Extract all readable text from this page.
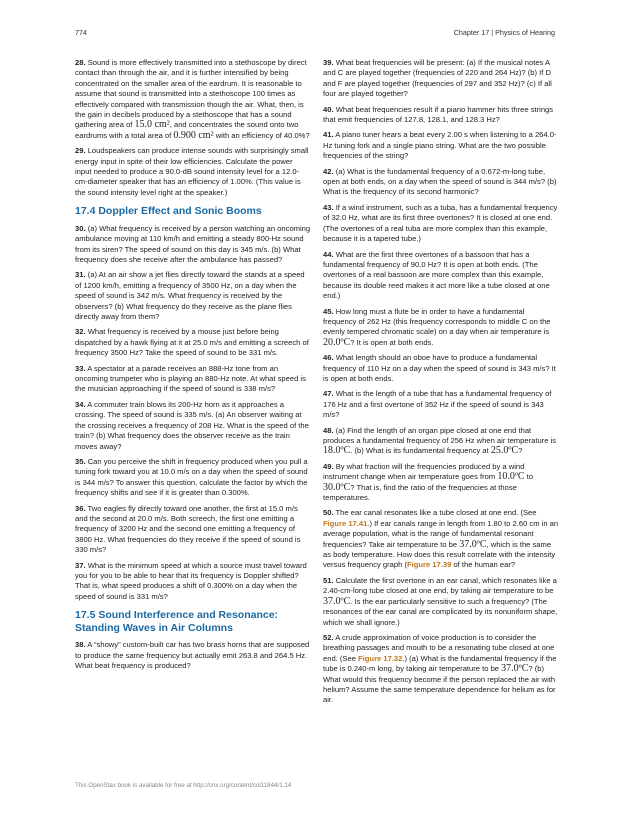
774	Chapter 17 | Physics of Hearing
28. Sound is more effectively transmitted into a stethoscope by direct contact than through the air, and it is further intensified by being concentrated on the smaller area of the eardrum. It is reasonable to assume that sound is transmitted into a stethoscope 100 times as effectively compared with transmission though the air. What, then, is the gain in decibels produced by a stethoscope that has a sound gathering area of 15.0 cm², and concentrates the sound onto two eardrums with a total area of 0.900 cm² with an efficiency of 40.0%?
29. Loudspeakers can produce intense sounds with surprisingly small energy input in spite of their low efficiencies. Calculate the power input needed to produce a 90.0-dB sound intensity level for a 12.0-cm-diameter speaker that has an efficiency of 1.00%. (This value is the sound intensity level right at the speaker.)
17.4 Doppler Effect and Sonic Booms
30. (a) What frequency is received by a person watching an oncoming ambulance moving at 110 km/h and emitting a steady 800-Hz sound from its siren? The speed of sound on this day is 345 m/s. (b) What frequency does she receive after the ambulance has passed?
31. (a) At an air show a jet flies directly toward the stands at a speed of 1200 km/h, emitting a frequency of 3500 Hz, on a day when the speed of sound is 342 m/s. What frequency is received by the observers? (b) What frequency do they receive as the plane flies directly away from them?
32. What frequency is received by a mouse just before being dispatched by a hawk flying at it at 25.0 m/s and emitting a screech of frequency 3500 Hz? Take the speed of sound to be 331 m/s.
33. A spectator at a parade receives an 888-Hz tone from an oncoming trumpeter who is playing an 880-Hz note. At what speed is the musician approaching if the speed of sound is 338 m/s?
34. A commuter train blows its 200-Hz horn as it approaches a crossing. The speed of sound is 335 m/s. (a) An observer waiting at the crossing receives a frequency of 208 Hz. What is the speed of the train? (b) What frequency does the observer receive as the train moves away?
35. Can you perceive the shift in frequency produced when you pull a tuning fork toward you at 10.0 m/s on a day when the speed of sound is 344 m/s? To answer this question, calculate the factor by which the frequency shifts and see if it is greater than 0.300%.
36. Two eagles fly directly toward one another, the first at 15.0 m/s and the second at 20.0 m/s. Both screech, the first one emitting a frequency of 3200 Hz and the second one emitting a frequency of 3800 Hz. What frequencies do they receive if the speed of sound is 330 m/s?
37. What is the minimum speed at which a source must travel toward you for you to be able to hear that its frequency is Doppler shifted? That is, what speed produces a shift of 0.300% on a day when the speed of sound is 331 m/s?
17.5 Sound Interference and Resonance: Standing Waves in Air Columns
38. A “showy” custom-built car has two brass horns that are supposed to produce the same frequency but actually emit 263.8 and 264.5 Hz. What beat frequency is produced?
39. What beat frequencies will be present: (a) If the musical notes A and C are played together (frequencies of 220 and 264 Hz)? (b) If D and F are played together (frequencies of 297 and 352 Hz)? (c) If all four are played together?
40. What beat frequencies result if a piano hammer hits three strings that emit frequencies of 127.8, 128.1, and 128.3 Hz?
41. A piano tuner hears a beat every 2.00 s when listening to a 264.0-Hz tuning fork and a single piano string. What are the two possible frequencies of the string?
42. (a) What is the fundamental frequency of a 0.672-m-long tube, open at both ends, on a day when the speed of sound is 344 m/s? (b) What is the frequency of its second harmonic?
43. If a wind instrument, such as a tuba, has a fundamental frequency of 32.0 Hz, what are its first three overtones? It is closed at one end. (The overtones of a real tuba are more complex than this example, because it is a tapered tube.)
44. What are the first three overtones of a bassoon that has a fundamental frequency of 90.0 Hz? It is open at both ends. (The overtones of a real bassoon are more complex than this example, because its double reed makes it act more like a tube closed at one end.)
45. How long must a flute be in order to have a fundamental frequency of 262 Hz (this frequency corresponds to middle C on the evenly tempered chromatic scale) on a day when air temperature is 20.0ºC? It is open at both ends.
46. What length should an oboe have to produce a fundamental frequency of 110 Hz on a day when the speed of sound is 343 m/s? It is open at both ends.
47. What is the length of a tube that has a fundamental frequency of 176 Hz and a first overtone of 352 Hz if the speed of sound is 343 m/s?
48. (a) Find the length of an organ pipe closed at one end that produces a fundamental frequency of 256 Hz when air temperature is 18.0ºC. (b) What is its fundamental frequency at 25.0ºC?
49. By what fraction will the frequencies produced by a wind instrument change when air temperature goes from 10.0ºC to 30.0ºC? That is, find the ratio of the frequencies at those temperatures.
50. The ear canal resonates like a tube closed at one end. (See Figure 17.41.) If ear canals range in length from 1.80 to 2.60 cm in an average population, what is the range of fundamental resonant frequencies? Take air temperature to be 37.0ºC, which is the same as body temperature. How does this result correlate with the intensity versus frequency graph (Figure 17.39 of the human ear?
51. Calculate the first overtone in an ear canal, which resonates like a 2.40-cm-long tube closed at one end, by taking air temperature to be 37.0ºC. Is the ear particularly sensitive to such a frequency? (The resonances of the ear canal are complicated by its nonuniform shape, which we shall ignore.)
52. A crude approximation of voice production is to consider the breathing passages and mouth to be a resonating tube closed at one end. (See Figure 17.32.) (a) What is the fundamental frequency if the tube is 0.240-m long, by taking air temperature to be 37.0ºC? (b) What would this frequency become if the person replaced the air with helium? Assume the same temperature dependence for helium as for air.
This OpenStax book is available for free at http://cnx.org/content/col11844/1.14
